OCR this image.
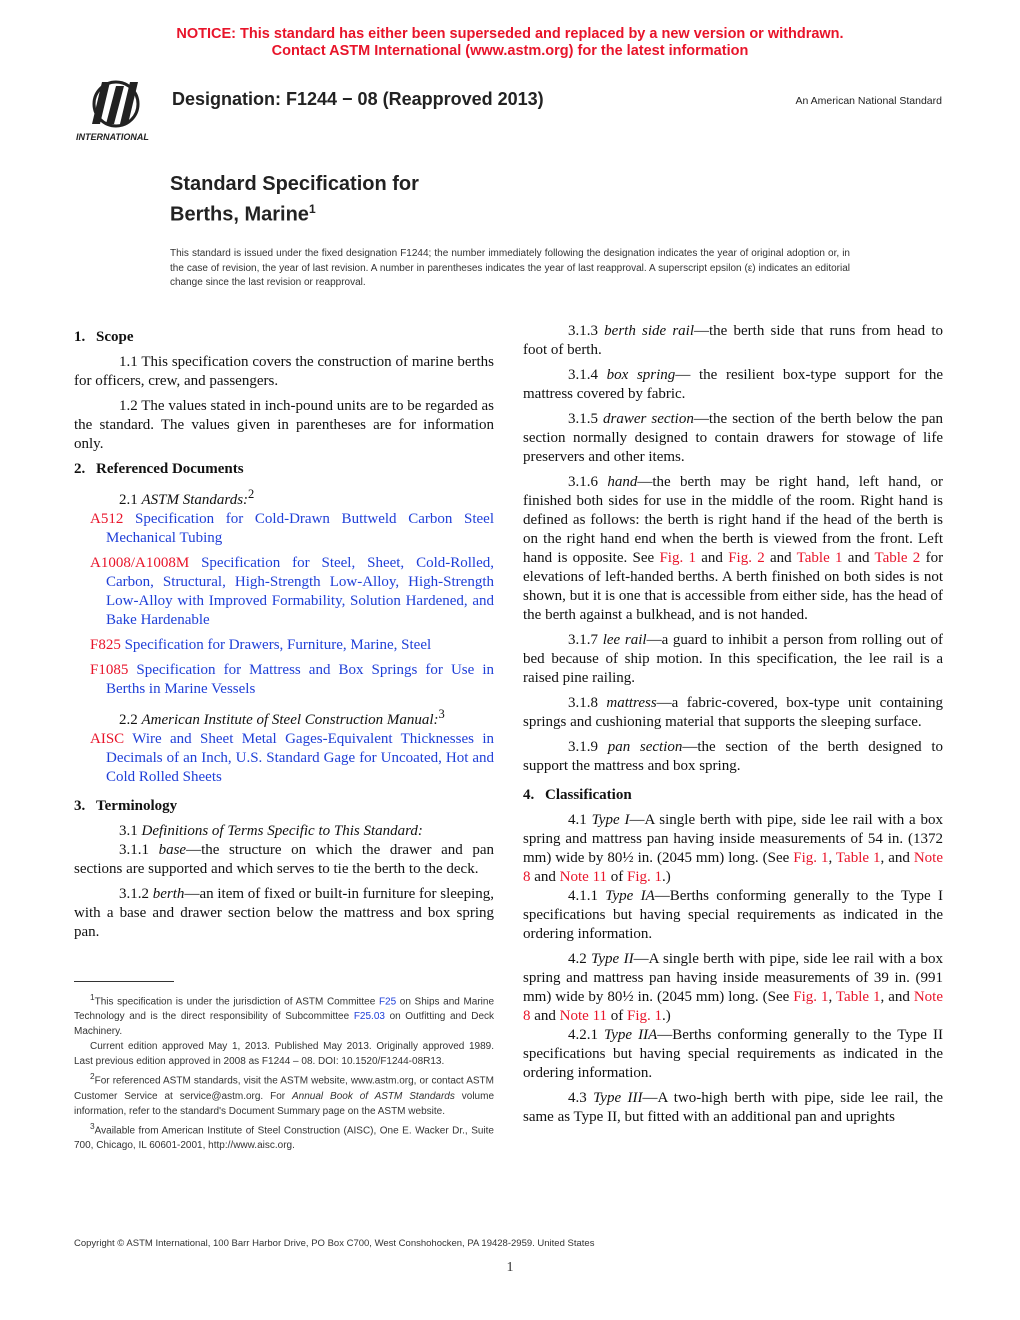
NOTICE: This standard has either been superseded and replaced by a new version or withdrawn.
Contact ASTM International (www.astm.org) for the latest information
INTERNATIONAL
Designation: F1244 − 08 (Reapproved 2013)	An American National Standard
Standard Specification for
Berths, Marine$^1$
This standard is issued under the fixed designation F1244; the number immediately following the designation indicates the year of original adoption or, in the case of revision, the year of last revision. A number in parentheses indicates the year of last reapproval. A superscript epsilon (ε) indicates an editorial change since the last revision or reapproval.
1. Scope

1.1 This specification covers the construction of marine berths for officers, crew, and passengers.

1.2 The values stated in inch-pound units are to be regarded as the standard. The values given in parentheses are for information only.

2. Referenced Documents

2.1 ASTM Standards:$^2$

A512 Specification for Cold-Drawn Buttweld Carbon Steel Mechanical Tubing

A1008/A1008M Specification for Steel, Sheet, Cold-Rolled, Carbon, Structural, High-Strength Low-Alloy, High-Strength Low-Alloy with Improved Formability, Solution Hardened, and Bake Hardenable

F825 Specification for Drawers, Furniture, Marine, Steel

F1085 Specification for Mattress and Box Springs for Use in Berths in Marine Vessels

2.2 American Institute of Steel Construction Manual:$^3$

AISC Wire and Sheet Metal Gages-Equivalent Thicknesses in Decimals of an Inch, U.S. Standard Gage for Uncoated, Hot and Cold Rolled Sheets

3. Terminology

3.1 Definitions of Terms Specific to This Standard:

3.1.1 base—the structure on which the drawer and pan sections are supported and which serves to tie the berth to the deck.

3.1.2 berth—an item of fixed or built-in furniture for sleeping, with a base and drawer section below the mattress and box spring pan.

$^1$This specification is under the jurisdiction of ASTM Committee F25 on Ships and Marine Technology and is the direct responsibility of Subcommittee F25.03 on Outfitting and Deck Machinery.

Current edition approved May 1, 2013. Published May 2013. Originally approved 1989. Last previous edition approved in 2008 as F1244 – 08. DOI: 10.1520/F1244-08R13.

$^2$For referenced ASTM standards, visit the ASTM website, www.astm.org, or contact ASTM Customer Service at service@astm.org. For Annual Book of ASTM Standards volume information, refer to the standard's Document Summary page on the ASTM website.

$^3$Available from American Institute of Steel Construction (AISC), One E. Wacker Dr., Suite 700, Chicago, IL 60601-2001, http://www.aisc.org.

3.1.3 berth side rail—the berth side that runs from head to foot of berth.

3.1.4 box spring— the resilient box-type support for the mattress covered by fabric.

3.1.5 drawer section—the section of the berth below the pan section normally designed to contain drawers for stowage of life preservers and other items.

3.1.6 hand—the berth may be right hand, left hand, or finished both sides for use in the middle of the room. Right hand is defined as follows: the berth is right hand if the head of the berth is on the right hand end when the berth is viewed from the front. Left hand is opposite. See Fig. 1 and Fig. 2 and Table 1 and Table 2 for elevations of left-handed berths. A berth finished on both sides is not shown, but it is one that is accessible from either side, has the head of the berth against a bulkhead, and is not handed.

3.1.7 lee rail—a guard to inhibit a person from rolling out of bed because of ship motion. In this specification, the lee rail is a raised pine railing.

3.1.8 mattress—a fabric-covered, box-type unit containing springs and cushioning material that supports the sleeping surface.

3.1.9 pan section—the section of the berth designed to support the mattress and box spring.

4. Classification

4.1 Type I—A single berth with pipe, side lee rail with a box spring and mattress pan having inside measurements of 54 in. (1372 mm) wide by 80½ in. (2045 mm) long. (See Fig. 1, Table 1, and Note 8 and Note 11 of Fig. 1.)

4.1.1 Type IA—Berths conforming generally to the Type I specifications but having special requirements as indicated in the ordering information.

4.2 Type II—A single berth with pipe, side lee rail with a box spring and mattress pan having inside measurements of 39 in. (991 mm) wide by 80½ in. (2045 mm) long. (See Fig. 1, Table 1, and Note 8 and Note 11 of Fig. 1.)

4.2.1 Type IIA—Berths conforming generally to the Type II specifications but having special requirements as indicated in the ordering information.

4.3 Type III—A two-high berth with pipe, side lee rail, the same as Type II, but fitted with an additional pan and uprights

Copyright © ASTM International, 100 Barr Harbor Drive, PO Box C700, West Conshohocken, PA 19428-2959. United States
1
